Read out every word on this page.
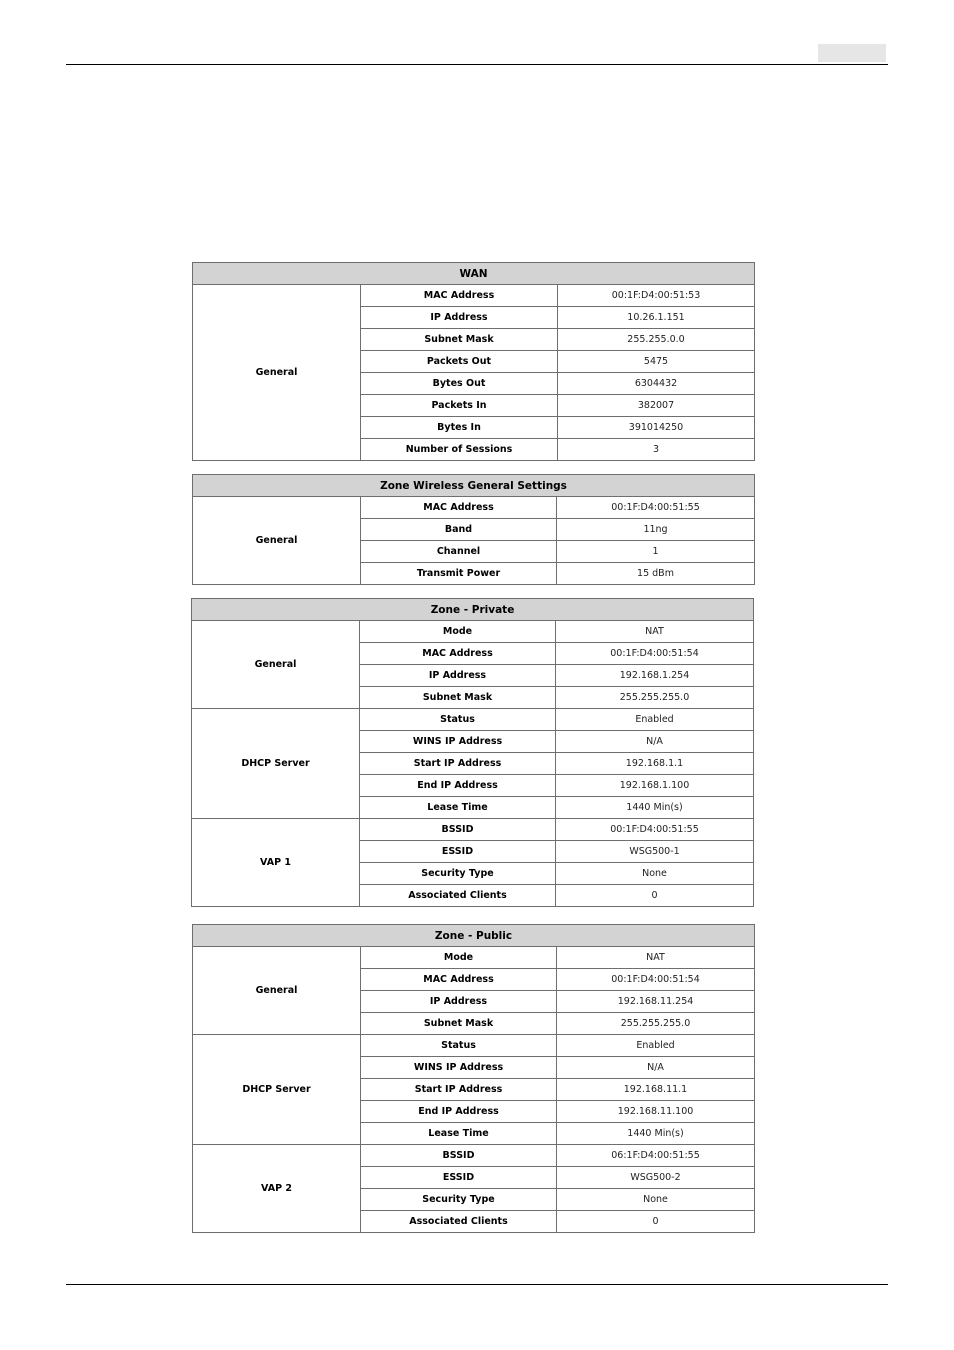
WAN		
General	MAC Address	00:1F:D4:00:51:53
	IP Address	10.26.1.151
	Subnet Mask	255.255.0.0
	Packets Out	5475
	Bytes Out	6304432
	Packets In	382007
	Bytes In	391014250
	Number of Sessions	3
Zone Wireless General Settings		
General	MAC Address	00:1F:D4:00:51:55
	Band	11ng
	Channel	1
	Transmit Power	15 dBm
Zone - Private		
General	Mode	NAT
	MAC Address	00:1F:D4:00:51:54
	IP Address	192.168.1.254
	Subnet Mask	255.255.255.0
DHCP Server	Status	Enabled
	WINS IP Address	N/A
	Start IP Address	192.168.1.1
	End IP Address	192.168.1.100
	Lease Time	1440 Min(s)
VAP 1	BSSID	00:1F:D4:00:51:55
	ESSID	WSG500-1
	Security Type	None
	Associated Clients	0
Zone - Public		
General	Mode	NAT
	MAC Address	00:1F:D4:00:51:54
	IP Address	192.168.11.254
	Subnet Mask	255.255.255.0
DHCP Server	Status	Enabled
	WINS IP Address	N/A
	Start IP Address	192.168.11.1
	End IP Address	192.168.11.100
	Lease Time	1440 Min(s)
VAP 2	BSSID	06:1F:D4:00:51:55
	ESSID	WSG500-2
	Security Type	None
	Associated Clients	0
